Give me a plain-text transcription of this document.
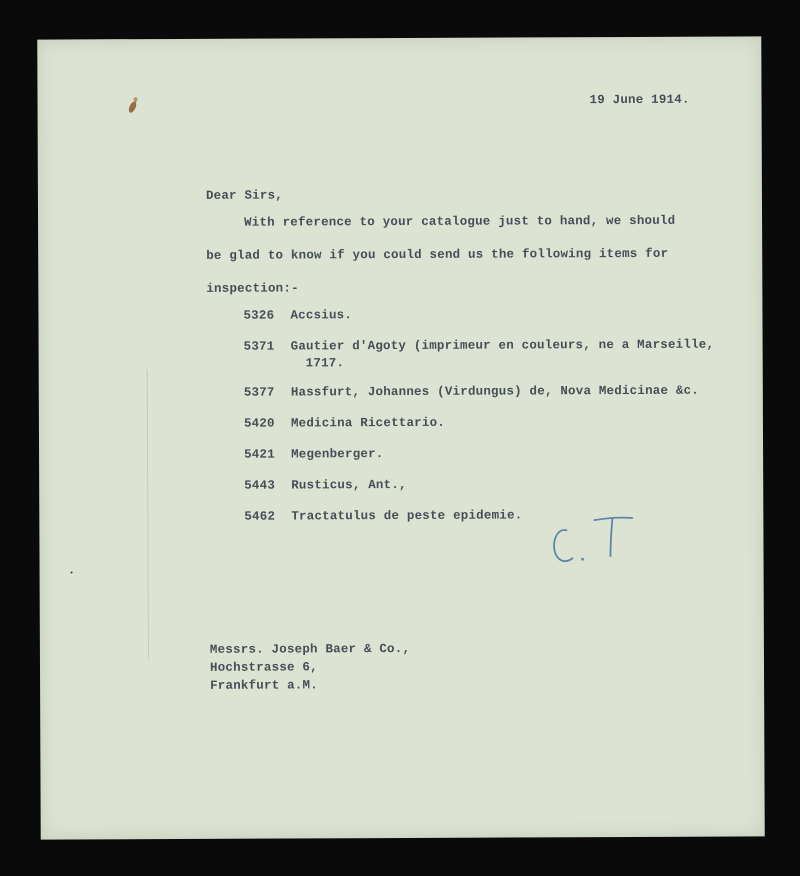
19 June 1914.
Dear Sirs,
With reference to your catalogue just to hand, we should
be glad to know if you could send us the following items for
inspection:-
5326 Accsius.
5371 Gautier d'Agoty (imprimeur en couleurs, ne a Marseille,
1717.
5377 Hassfurt, Johannes (Virdungus) de, Nova Medicinae &c.
5420 Medicina Ricettario.
5421 Megenberger.
5443 Rusticus, Ant.,
5462 Tractatulus de peste epidemie.
Messrs. Joseph Baer & Co.,
Hochstrasse 6,
Frankfurt a.M.
